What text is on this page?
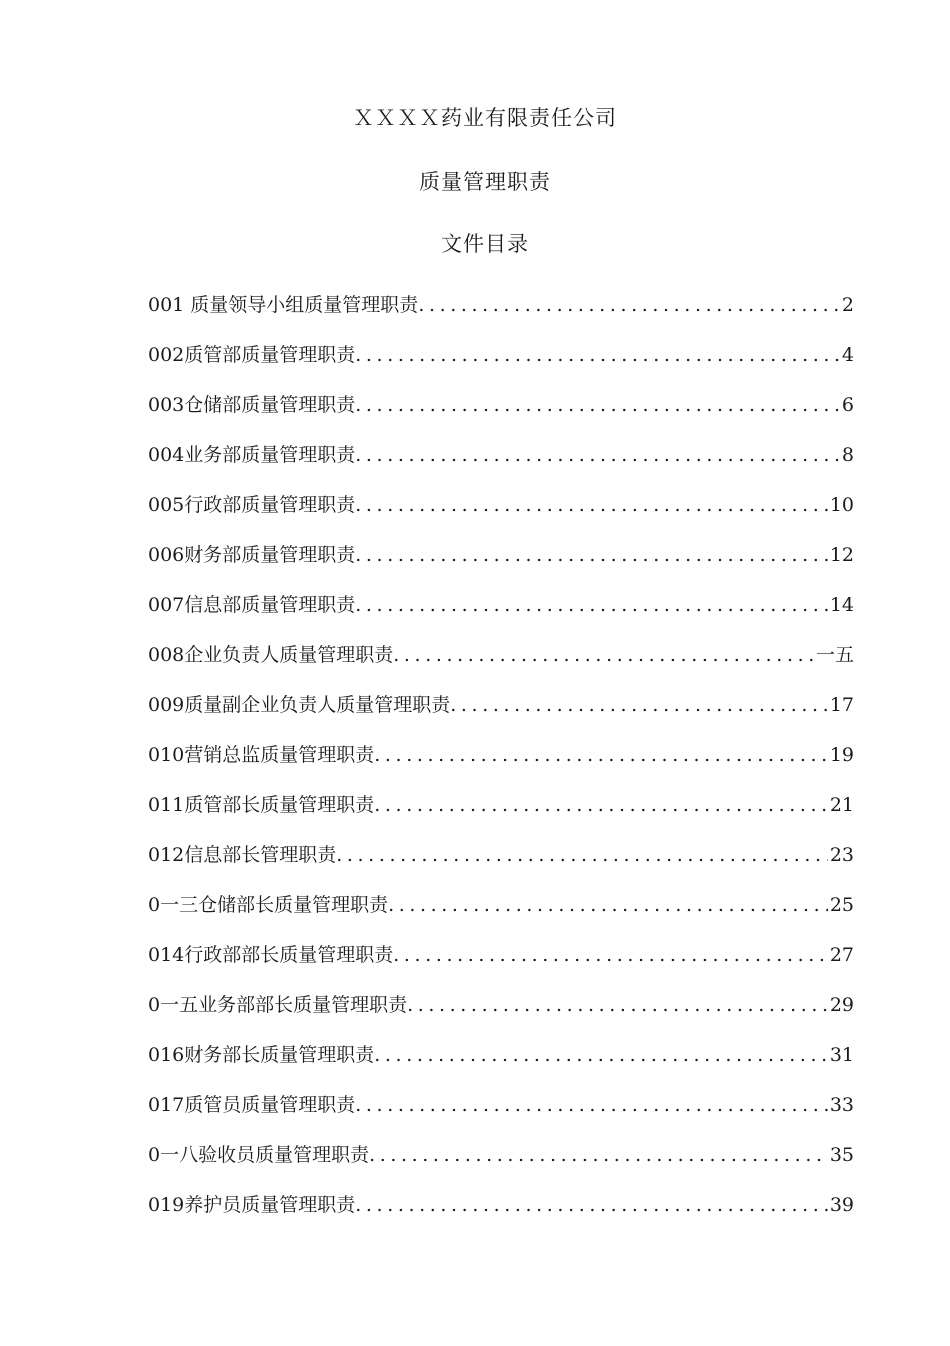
ＸＸＸＸ药业有限责任公司
质量管理职责
文件目录
001 质量领导小组质量管理职责 .....	2
002质管部质量管理职责 .....	4
003仓储部质量管理职责 .....	6
004业务部质量管理职责 .....	8
005行政部质量管理职责 .....	10
006财务部质量管理职责 .....	12
007信息部质量管理职责 .....	14
008企业负责人质量管理职责 .....	一五
009质量副企业负责人质量管理职责 .....	17
010营销总监质量管理职责 .....	19
011质管部长质量管理职责 .....	21
012信息部长管理职责 .....	23
0一三仓储部长质量管理职责 .....	25
014行政部部长质量管理职责 .....	27
0一五业务部部长质量管理职责 .....	29
016财务部长质量管理职责 .....	31
017质管员质量管理职责 .....	33
0一八验收员质量管理职责 .....	35
019养护员质量管理职责 .....	39
